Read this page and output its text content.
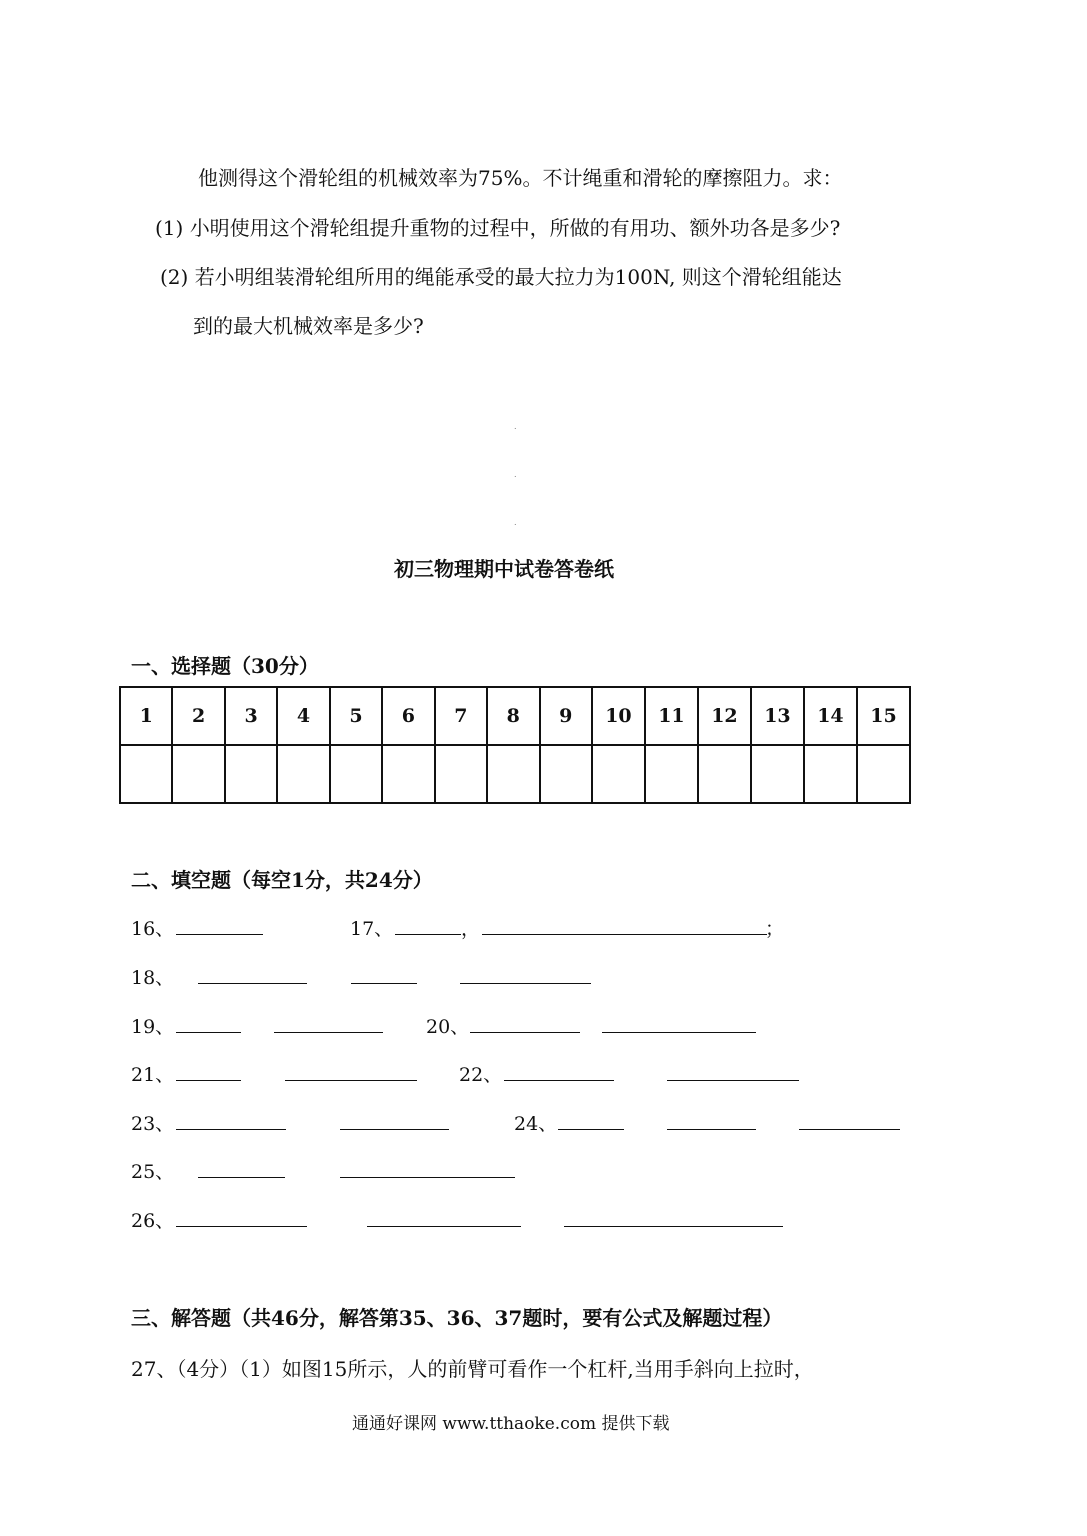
他测得这个滑轮组的机械效率为75%。不计绳重和滑轮的摩擦阻力。求：
(1) 小明使用这个滑轮组提升重物的过程中，所做的有用功、额外功各是多少?
(2) 若小明组装滑轮组所用的绳能承受的最大拉力为100N, 则这个滑轮组能达
到的最大机械效率是多少?
.
.
.
初三物理期中试卷答卷纸
一、选择题（30分）
1	2	3	4	5	6	7	8	9	10	11	12	13	14	15

二、填空题（每空1分，共24分）
16、	17、	，	；
18、
19、	20、
21、	22、
23、	24、
25、
26、
三、解答题（共46分，解答第35、36、37题时，要有公式及解题过程）
27、（4分）（1）如图15所示，人的前臂可看作一个杠杆,当用手斜向上拉时，
通通好课网 www.tthaoke.com 提供下载
